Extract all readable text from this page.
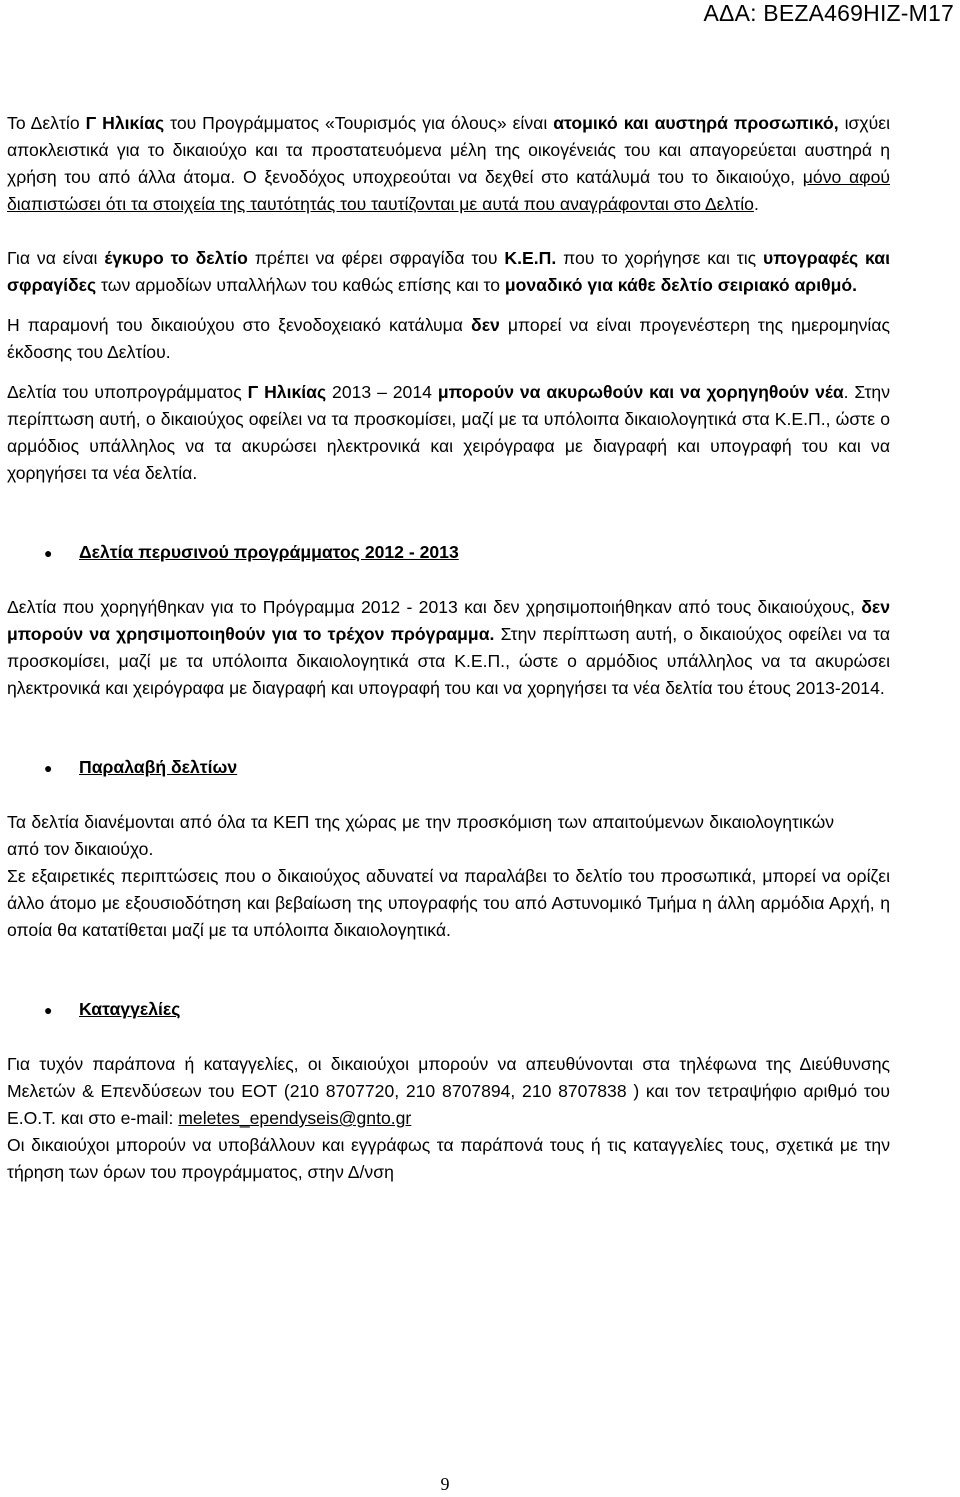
ΑΔΑ: ΒΕΖΑ469ΗΙΖ-Μ17

Το Δελτίο Γ Ηλικίας του Προγράμματος «Τουρισμός για όλους» είναι ατομικό και αυστηρά προσωπικό, ισχύει αποκλειστικά για το δικαιούχο και τα προστατευόμενα μέλη της οικογένειάς του και απαγορεύεται αυστηρά η χρήση του από άλλα άτομα. Ο ξενοδόχος υποχρεούται να δεχθεί στο κατάλυμά του το δικαιούχο, μόνο αφού διαπιστώσει ότι τα στοιχεία της ταυτότητάς του ταυτίζονται με αυτά που αναγράφονται στο Δελτίο.

Για να είναι έγκυρο το δελτίο πρέπει να φέρει σφραγίδα του Κ.Ε.Π. που το χορήγησε και τις υπογραφές και σφραγίδες των αρμοδίων υπαλλήλων του καθώς επίσης και το μοναδικό για κάθε δελτίο σειριακό αριθμό.

Η παραμονή του δικαιούχου στο ξενοδοχειακό κατάλυμα δεν μπορεί να είναι προγενέστερη της ημερομηνίας έκδοσης του Δελτίου.

Δελτία του υποπρογράμματος Γ Ηλικίας 2013 – 2014 μπορούν να ακυρωθούν και να χορηγηθούν νέα. Στην περίπτωση αυτή, ο δικαιούχος οφείλει να τα προσκομίσει, μαζί με τα υπόλοιπα δικαιολογητικά στα Κ.Ε.Π., ώστε ο αρμόδιος υπάλληλος να τα ακυρώσει ηλεκτρονικά και χειρόγραφα με διαγραφή και υπογραφή του και να χορηγήσει τα νέα δελτία.

●	Δελτία περυσινού προγράμματος 2012 - 2013

Δελτία που χορηγήθηκαν για το Πρόγραμμα 2012 - 2013 και δεν χρησιμοποιήθηκαν από τους δικαιούχους, δεν μπορούν να χρησιμοποιηθούν για το τρέχον πρόγραμμα. Στην περίπτωση αυτή, ο δικαιούχος οφείλει να τα προσκομίσει, μαζί με τα υπόλοιπα δικαιολογητικά στα Κ.Ε.Π., ώστε ο αρμόδιος υπάλληλος να τα ακυρώσει ηλεκτρονικά και χειρόγραφα με διαγραφή και υπογραφή του και να χορηγήσει τα νέα δελτία του έτους 2013-2014.

●	Παραλαβή δελτίων

Τα δελτία διανέμονται από όλα τα ΚΕΠ της χώρας με την προσκόμιση των απαιτούμενων δικαιολογητικών από τον δικαιούχο.

Σε εξαιρετικές περιπτώσεις που ο δικαιούχος αδυνατεί να παραλάβει το δελτίο του προσωπικά, μπορεί να ορίζει άλλο άτομο με εξουσιοδότηση και βεβαίωση της υπογραφής του από Αστυνομικό Τμήμα η άλλη αρμόδια Αρχή, η οποία θα κατατίθεται μαζί με τα υπόλοιπα δικαιολογητικά.

●	Καταγγελίες

Για τυχόν παράπονα ή καταγγελίες, οι δικαιούχοι μπορούν να απευθύνονται στα τηλέφωνα της Διεύθυνσης Μελετών & Επενδύσεων του ΕΟΤ (210 8707720, 210 8707894, 210 8707838 ) και τον τετραψήφιο αριθμό του Ε.Ο.Τ. και στο e-mail: meletes_ependyseis@gnto.gr

Οι δικαιούχοι μπορούν να υποβάλλουν και εγγράφως τα παράπονά τους ή τις καταγγελίες τους, σχετικά με την τήρηση των όρων του προγράμματος, στην Δ/νση

9
